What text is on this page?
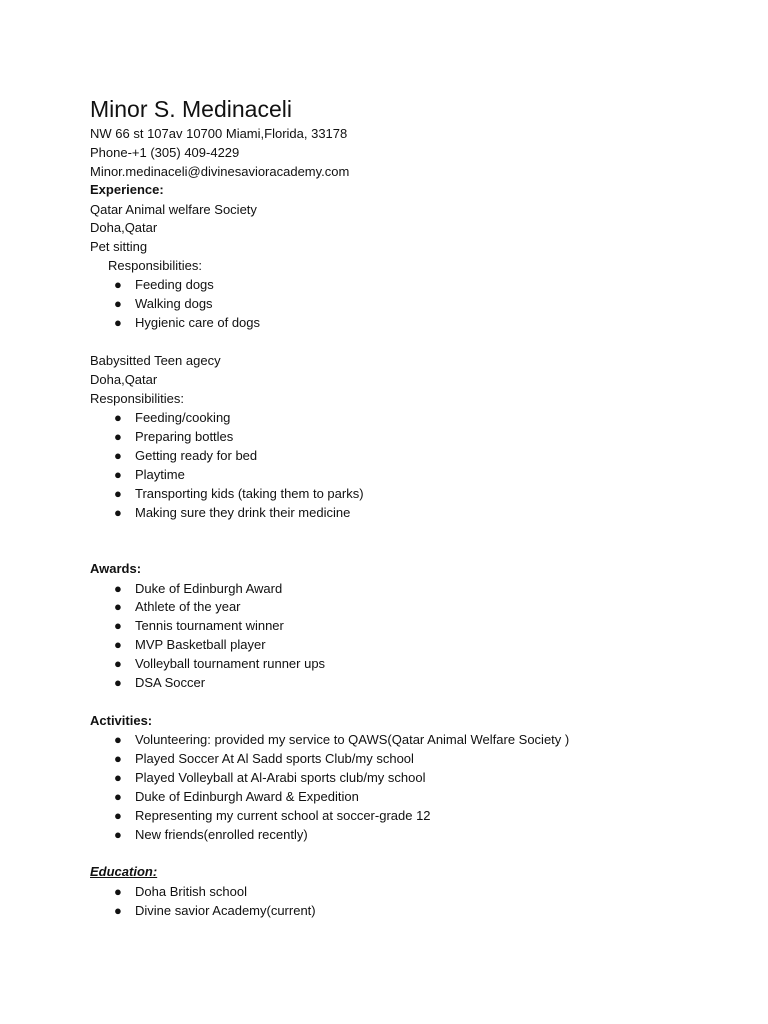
Minor S. Medinaceli
NW 66 st 107av 10700 Miami,Florida, 33178
Phone-+1 (305) 409-4229
Minor.medinaceli@divinesavioracademy.com
Experience:
Qatar Animal welfare Society
Doha,Qatar
Pet sitting
Responsibilities:
● Feeding dogs
● Walking dogs
● Hygienic care of dogs
Babysitted Teen agecy
Doha,Qatar
Responsibilities:
● Feeding/cooking
● Preparing bottles
● Getting ready for bed
● Playtime
● Transporting kids (taking them to parks)
● Making sure they drink their medicine
Awards:
● Duke of Edinburgh Award
● Athlete of the year
● Tennis tournament winner
● MVP Basketball player
● Volleyball tournament runner ups
● DSA Soccer
Activities:
● Volunteering: provided my service to QAWS(Qatar Animal Welfare Society )
● Played Soccer At Al Sadd sports Club/my school
● Played Volleyball at Al-Arabi sports club/my school
● Duke of Edinburgh Award & Expedition
● Representing my current school at soccer-grade 12
● New friends(enrolled recently)
Education:
● Doha British school
● Divine savior Academy(current)
